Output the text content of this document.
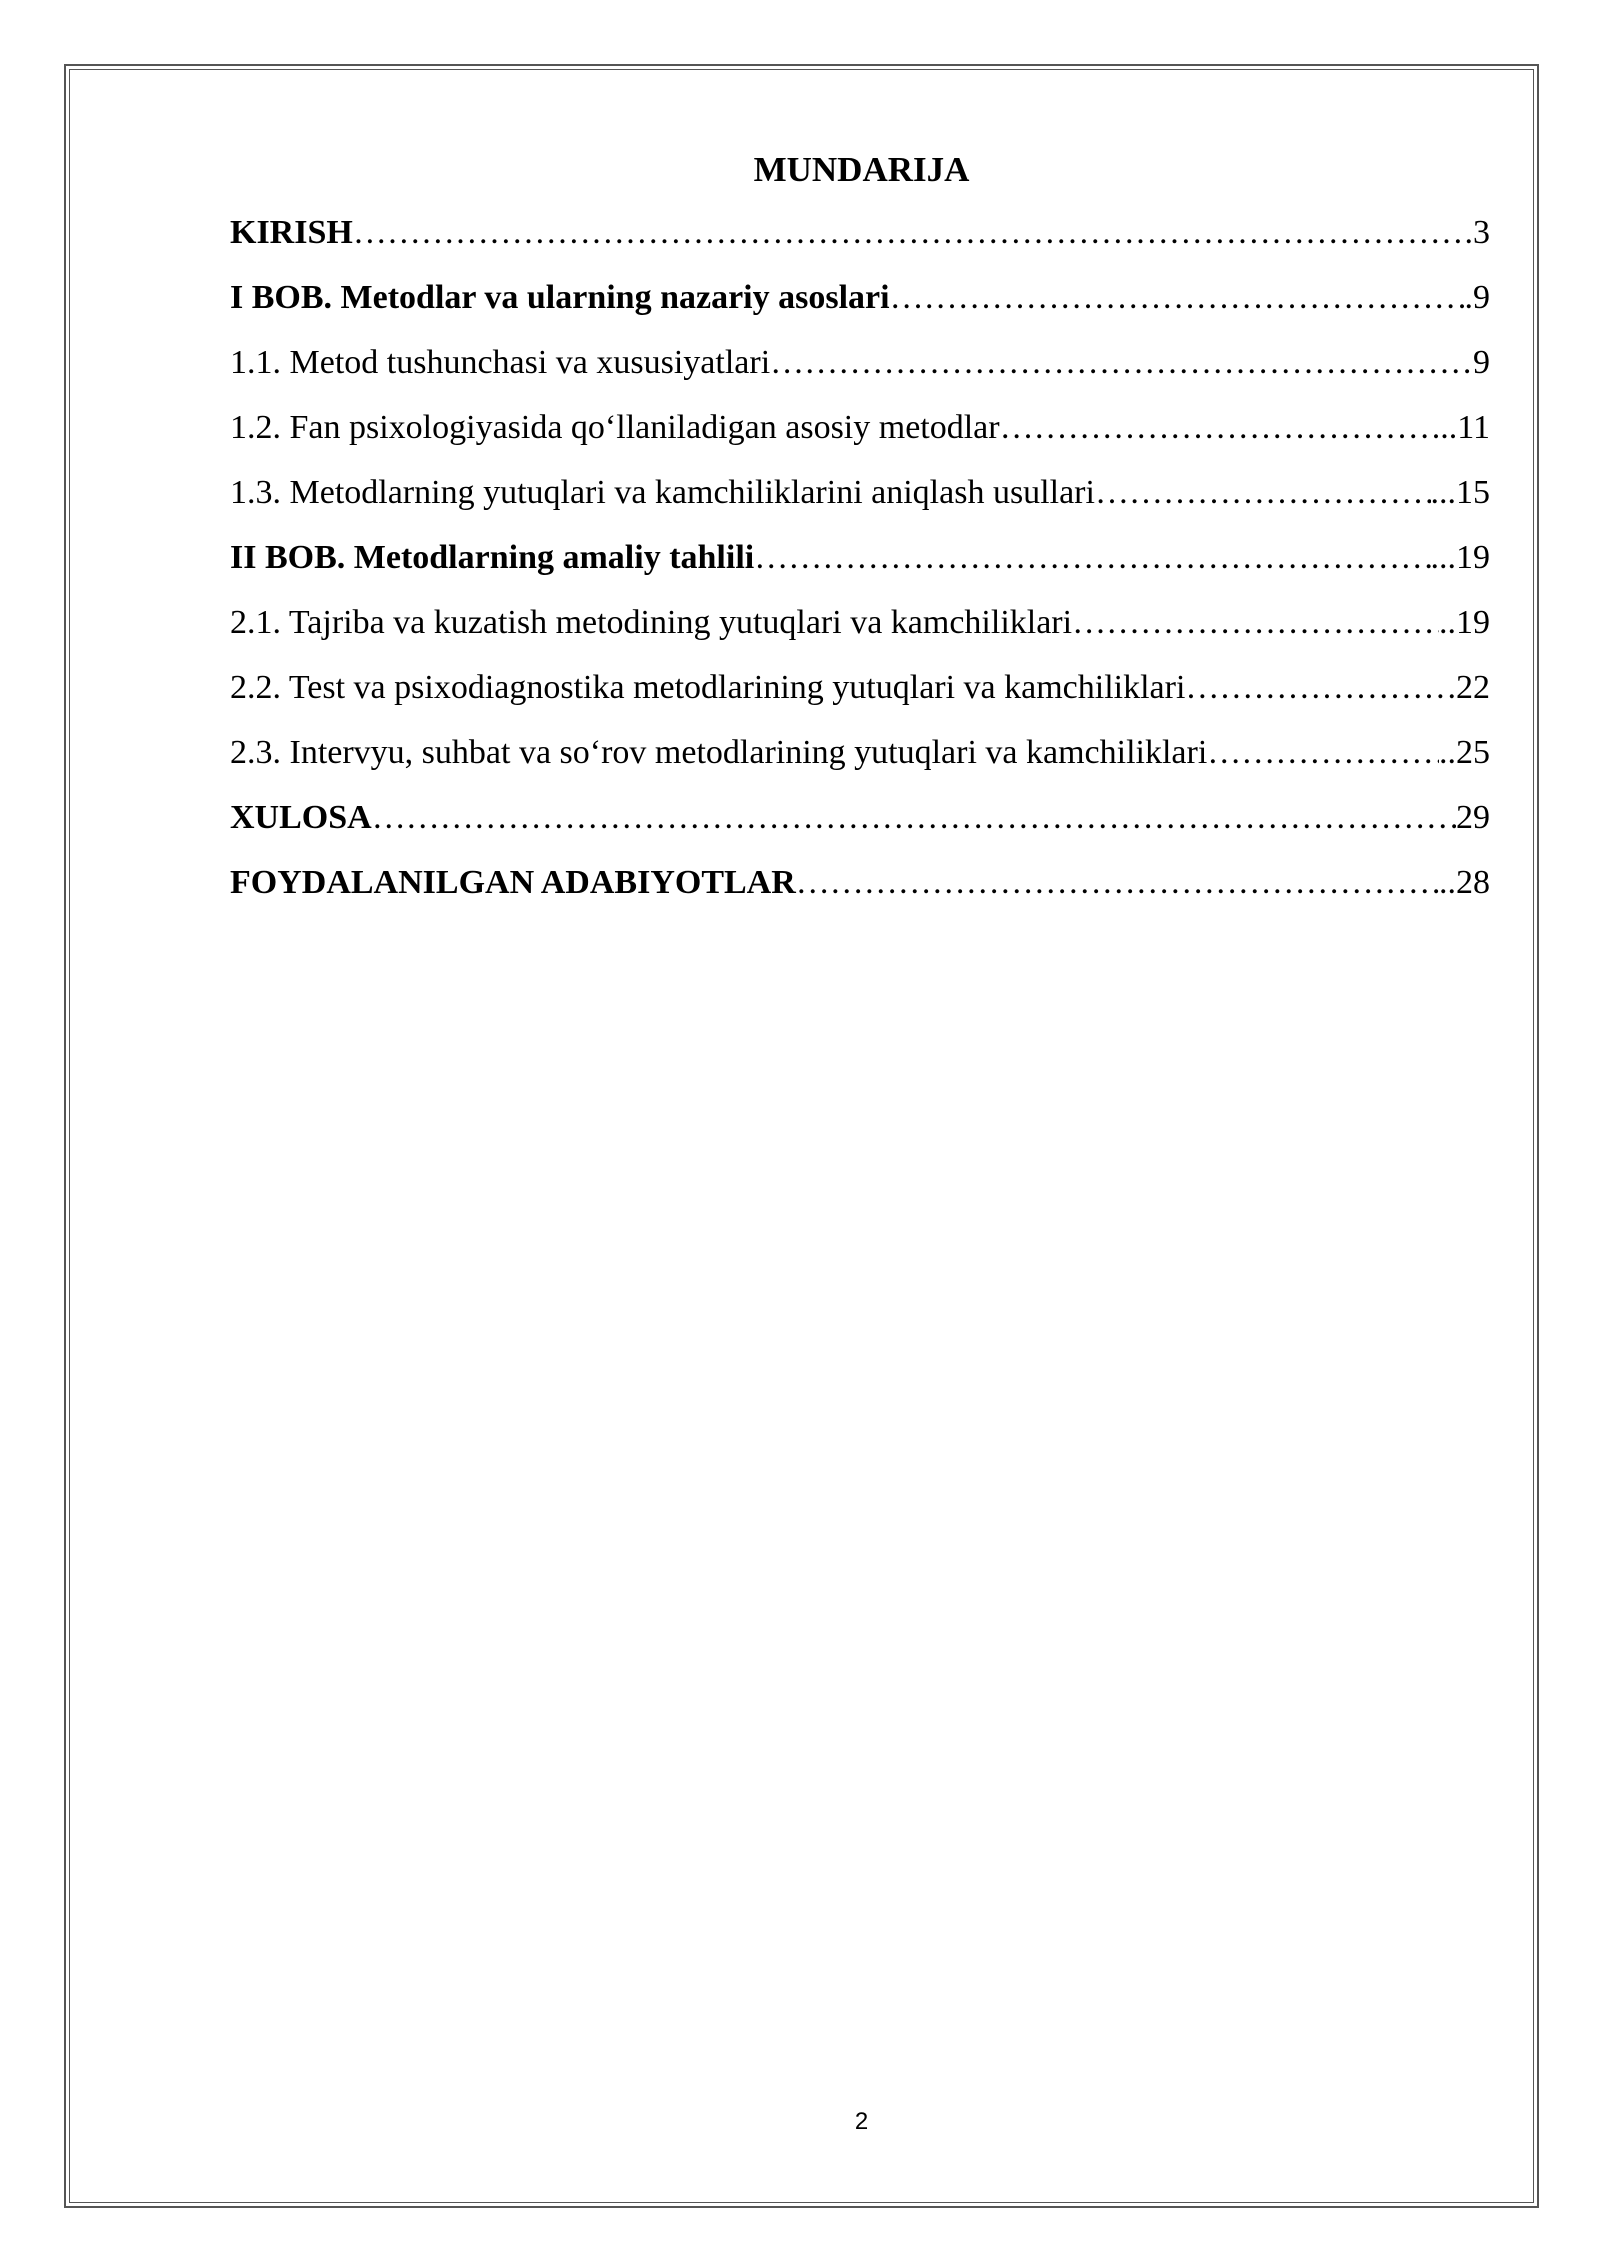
MUNDARIJA
KIRISH ………………………………………………………………………………………………………………………………………………………………………………	.3
I BOB. Metodlar va ularning nazariy asoslari ………………………………………………………………………………………………………………………………………………………………………………	.9
1.1. Metod tushunchasi va xususiyatlari ………………………………………………………………………………………………………………………………………………………………………………	9
1.2. Fan psixologiyasida qo‘llaniladigan asosiy metodlar ………………………………………………………………………………………………………………………………………………………………………………	...11
1.3. Metodlarning yutuqlari va kamchiliklarini aniqlash usullari ………………………………………………………………………………………………………………………………………………………………………………	...15
II BOB. Metodlarning amaliy tahlili ………………………………………………………………………………………………………………………………………………………………………………	...19
2.1. Tajriba va kuzatish metodining yutuqlari va kamchiliklari ………………………………………………………………………………………………………………………………………………………………………………	..19
2.2. Test va psixodiagnostika metodlarining yutuqlari va kamchiliklari ………………………………………………………………………………………………………………………………………………………………………………	22
2.3. Intervyu, suhbat va so‘rov metodlarining yutuqlari va kamchiliklari ………………………………………………………………………………………………………………………………………………………………………………	..25
XULOSA ………………………………………………………………………………………………………………………………………………………………………………	29
FOYDALANILGAN ADABIYOTLAR ………………………………………………………………………………………………………………………………………………………………………………	..28
2
